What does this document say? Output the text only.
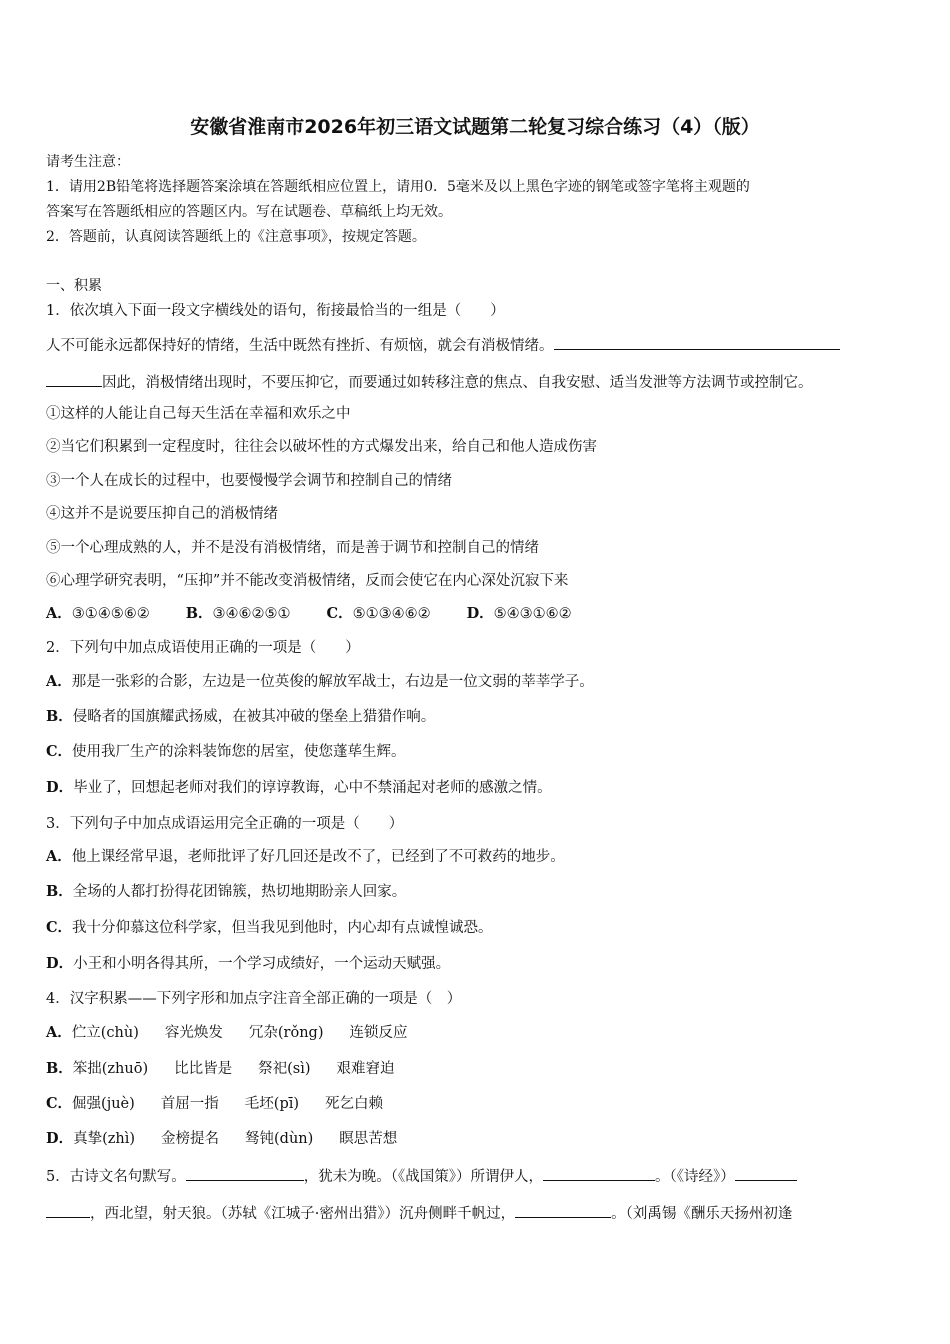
安徽省淮南市2026年初三语文试题第二轮复习综合练习（4）（版）
请考生注意：
1．请用2B铅笔将选择题答案涂填在答题纸相应位置上，请用0．5毫米及以上黑色字迹的钢笔或签字笔将主观题的
答案写在答题纸相应的答题区内。写在试题卷、草稿纸上均无效。
2．答题前，认真阅读答题纸上的《注意事项》，按规定答题。
一、积累
1．依次填入下面一段文字横线处的语句，衔接最恰当的一组是（　　）
人不可能永远都保持好的情绪，生活中既然有挫折、有烦恼，就会有消极情绪。
因此，消极情绪出现时，不要压抑它，而要通过如转移注意的焦点、自我安慰、适当发泄等方法调节或控制它。
①这样的人能让自己每天生活在幸福和欢乐之中
②当它们积累到一定程度时，往往会以破坏性的方式爆发出来，给自己和他人造成伤害
③一个人在成长的过程中，也要慢慢学会调节和控制自己的情绪
④这并不是说要压抑自己的消极情绪
⑤一个心理成熟的人，并不是没有消极情绪，而是善于调节和控制自己的情绪
⑥心理学研究表明，“压抑”并不能改变消极情绪，反而会使它在内心深处沉寂下来
A．③①④⑤⑥② B．③④⑥②⑤① C．⑤①③④⑥② D．⑤④③①⑥②
2．下列句中加点成语使用正确的一项是（　　）
A．那是一张彩的合影，左边是一位英俊的解放军战士，右边是一位文弱的莘莘学子。
B．侵略者的国旗耀武扬威，在被其冲破的堡垒上猎猎作响。
C．使用我厂生产的涂料装饰您的居室，使您蓬荜生辉。
D．毕业了，回想起老师对我们的谆谆教诲，心中不禁涌起对老师的感激之情。
3．下列句子中加点成语运用完全正确的一项是（　　）
A．他上课经常早退，老师批评了好几回还是改不了，已经到了不可救药的地步。
B．全场的人都打扮得花团锦簇，热切地期盼亲人回家。
C．我十分仰慕这位科学家，但当我见到他时，内心却有点诚惶诚恐。
D．小王和小明各得其所，一个学习成绩好，一个运动天赋强。
4．汉字积累——下列字形和加点字注音全部正确的一项是（　）
A．伫立(chù) 容光焕发 冗杂(rǒng) 连锁反应
B．笨拙(zhuō) 比比皆是 祭祀(sì) 艰难窘迫
C．倔强(juè) 首屈一指 毛坯(pī) 死乞白赖
D．真挚(zhì) 金榜提名 驽钝(dùn) 瞑思苦想
5．古诗文名句默写。	，犹未为晚。（《战国策》）所谓伊人，	。（《诗经》）
，西北望，射天狼。（苏轼《江城子·密州出猎》）沉舟侧畔千帆过，	。（刘禹锡《酬乐天扬州初逢
